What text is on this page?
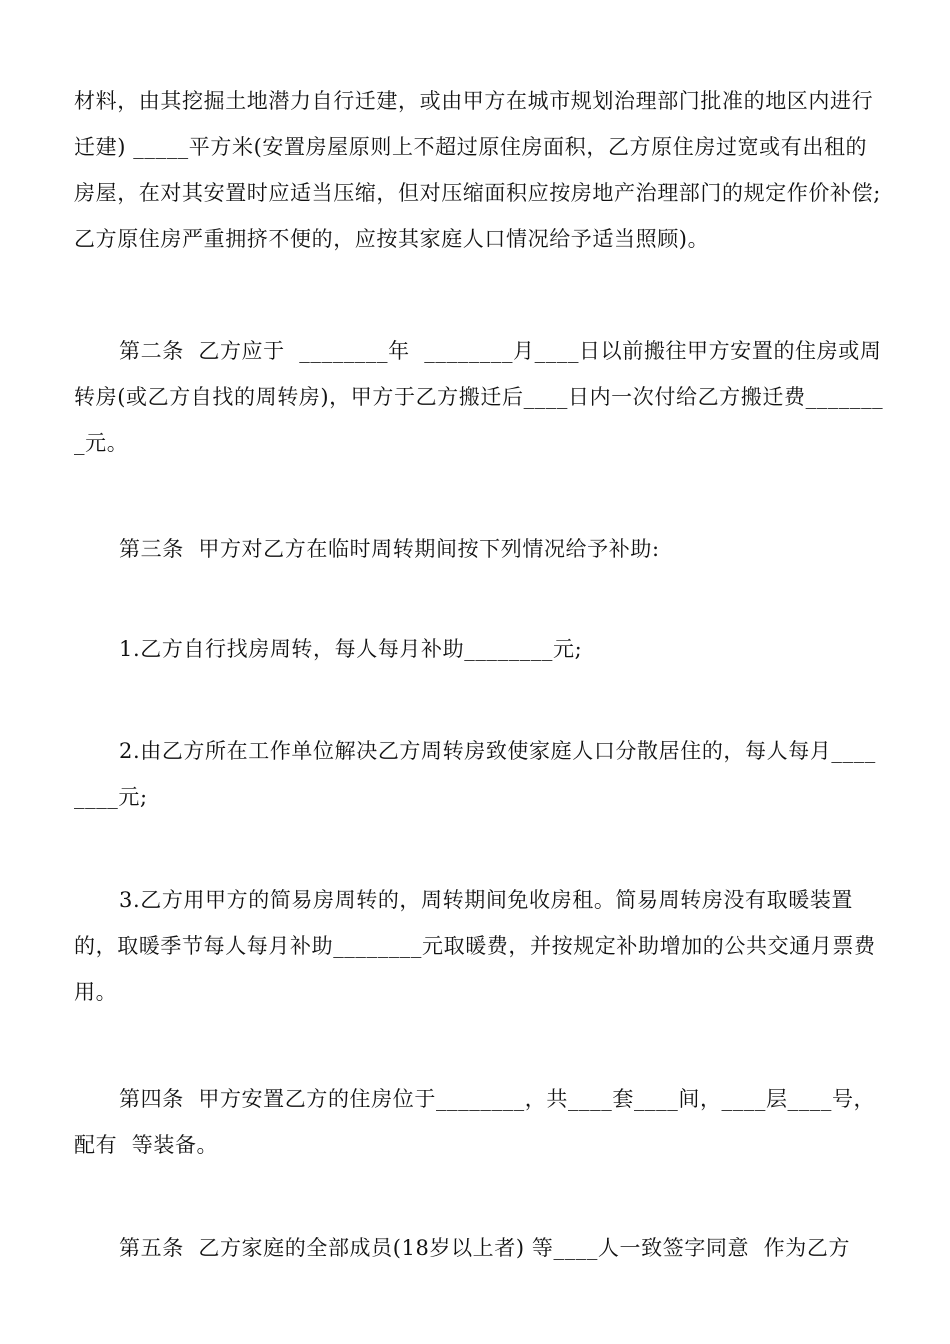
材料，由其挖掘土地潜力自行迁建，或由甲方在城市规划治理部门批准的地区内进行迁建) _____平方米(安置房屋原则上不超过原住房面积，乙方原住房过宽或有出租的房屋，在对其安置时应适当压缩，但对压缩面积应按房地产治理部门的规定作价补偿;乙方原住房严重拥挤不便的，应按其家庭人口情况给予适当照顾)。

第二条  乙方应于  ________年  ________月____日以前搬往甲方安置的住房或周转房(或乙方自找的周转房)，甲方于乙方搬迁后____日内一次付给乙方搬迁费________元。

第三条  甲方对乙方在临时周转期间按下列情况给予补助:

1.乙方自行找房周转，每人每月补助________元;

2.由乙方所在工作单位解决乙方周转房致使家庭人口分散居住的，每人每月________元;

3.乙方用甲方的简易房周转的，周转期间免收房租。简易周转房没有取暖装置的，取暖季节每人每月补助________元取暖费，并按规定补助增加的公共交通月票费用。

第四条  甲方安置乙方的住房位于________，共____套____间，____层____号，配有  等装备。

第五条  乙方家庭的全部成员(18岁以上者) 等____人一致签字同意  作为乙方
